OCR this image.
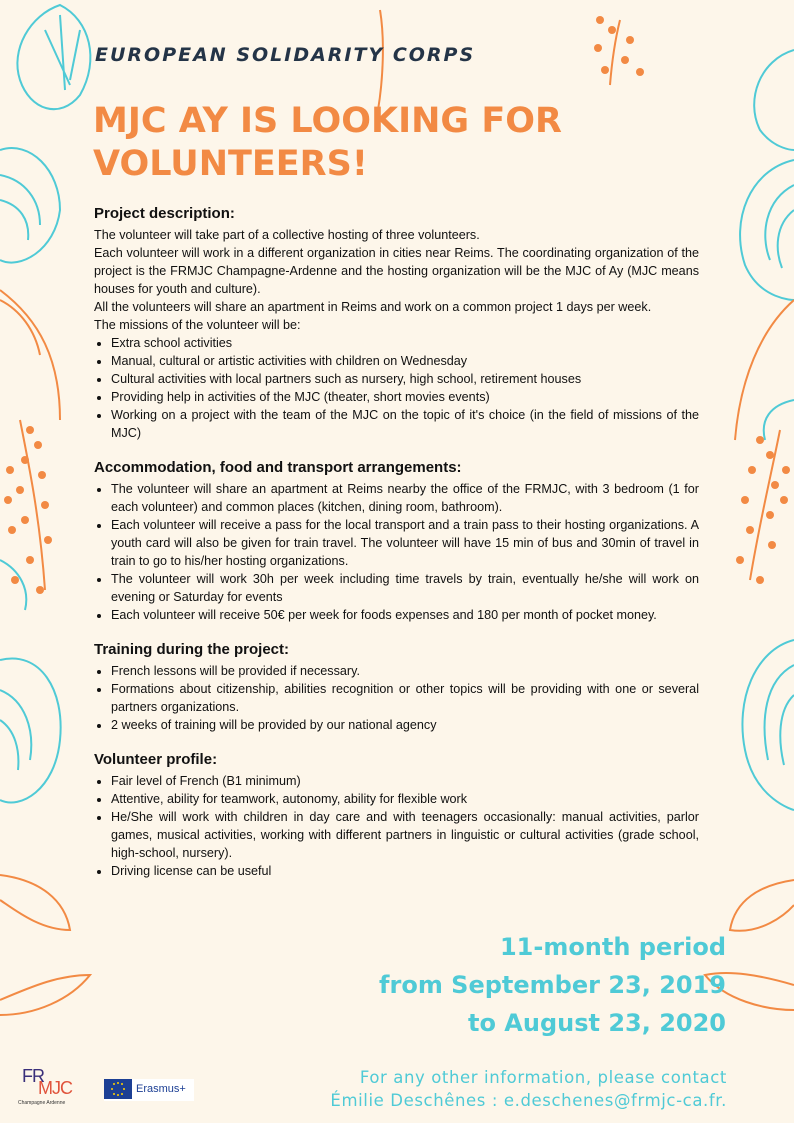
EUROPEAN SOLIDARITY CORPS
MJC AY IS LOOKING FOR
VOLUNTEERS!
Project description:

The volunteer will take part of a collective hosting of three volunteers.

Each volunteer will work in a different organization in cities near Reims. The coordinating organization of the project is the FRMJC Champagne-Ardenne and the hosting organization will be the MJC of Ay (MJC means houses for youth and culture).

All the volunteers will share an apartment in Reims and work on a common project 1 days per week.

The missions of the volunteer will be:

• Extra school activities
• Manual, cultural or artistic activities with children on Wednesday
• Cultural activities with local partners such as nursery, high school, retirement houses
• Providing help in activities of the MJC (theater, short movies events)
• Working on a project with the team of the MJC on the topic of it's choice (in the field of missions of the MJC)
Accommodation, food and transport arrangements:
• The volunteer will share an apartment at Reims nearby the office of the FRMJC, with 3 bedroom (1 for each volunteer) and common places (kitchen, dining room, bathroom).
• Each volunteer will receive a pass for the local transport and a train pass to their hosting organizations. A youth card will also be given for train travel. The volunteer will have 15 min of bus and 30min of travel in train to go to his/her hosting organizations.
• The volunteer will work 30h per week including time travels by train, eventually he/she will work on evening or Saturday for events
• Each volunteer will receive 50€ per week for foods expenses and 180 per month of pocket money.
Training during the project:
• French lessons will be provided if necessary.
• Formations about citizenship, abilities recognition or other topics will be providing with one or several partners organizations.
• 2 weeks of training will be provided by our national agency
Volunteer profile:
• Fair level of French (B1 minimum)
• Attentive, ability for teamwork, autonomy, ability for flexible work
• He/She will work with children in day care and with teenagers occasionally: manual activities, parlor games, musical activities, working with different partners in linguistic or cultural activities (grade school, high-school, nursery).
• Driving license can be useful
11-month period
from September 23, 2019
to August 23, 2020
FR
MJC
Champagne Ardenne
Erasmus+
For any other information, please contact
Émilie Deschênes : e.deschenes@frmjc-ca.fr.
